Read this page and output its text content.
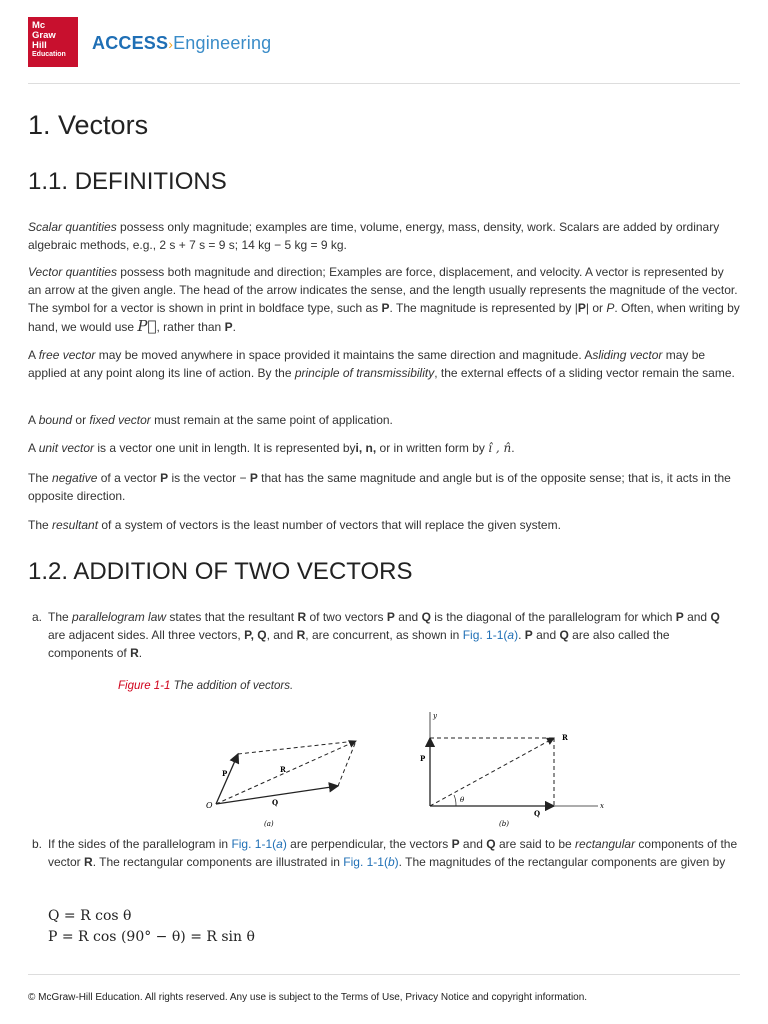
Mc
Graw
Hill
Education
ACCESS›Engineering
1. Vectors
1.1. DEFINITIONS

Scalar quantities possess only magnitude; examples are time, volume, energy, mass, density, work. Scalars are added by ordinary algebraic methods, e.g., 2 s + 7 s = 9 s; 14 kg − 5 kg = 9 kg.

Vector quantities possess both magnitude and direction; Examples are force, displacement, and velocity. A vector is represented by an arrow at the given angle. The head of the arrow indicates the sense, and the length usually represents the magnitude of the vector. The symbol for a vector is shown in print in boldface type, such as P. The magnitude is represented by |P| or P. Often, when writing by hand, we would use P⃗, rather than P.

A free vector may be moved anywhere in space provided it maintains the same direction and magnitude. Asliding vector may be applied at any point along its line of action. By the principle of transmissibility, the external effects of a sliding vector remain the same.

A bound or fixed vector must remain at the same point of application.

A unit vector is a vector one unit in length. It is represented byi, n, or in written form by î , n̂.

The negative of a vector P is the vector − P that has the same magnitude and angle but is of the opposite sense; that is, it acts in the opposite direction.

The resultant of a system of vectors is the least number of vectors that will replace the given system.

1.2. ADDITION OF TWO VECTORS
a. The parallelogram law states that the resultant R of two vectors P and Q is the diagonal of the parallelogram for which P and Q are adjacent sides. All three vectors, P, Q, and R, are concurrent, as shown in Fig. 1-1(a). P and Q are also called the components of R.
Figure 1-1 The addition of vectors.
O
P
Q
R
(a)
y
x
P
Q
R
θ
(b)
b. If the sides of the parallelogram in Fig. 1-1(a) are perpendicular, the vectors P and Q are said to be rectangular components of the vector R. The rectangular components are illustrated in Fig. 1-1(b). The magnitudes of the rectangular components are given by
Q = R cos θ
P = R cos (90° − θ) = R sin θ
© McGraw-Hill Education. All rights reserved. Any use is subject to the Terms of Use, Privacy Notice and copyright information.
